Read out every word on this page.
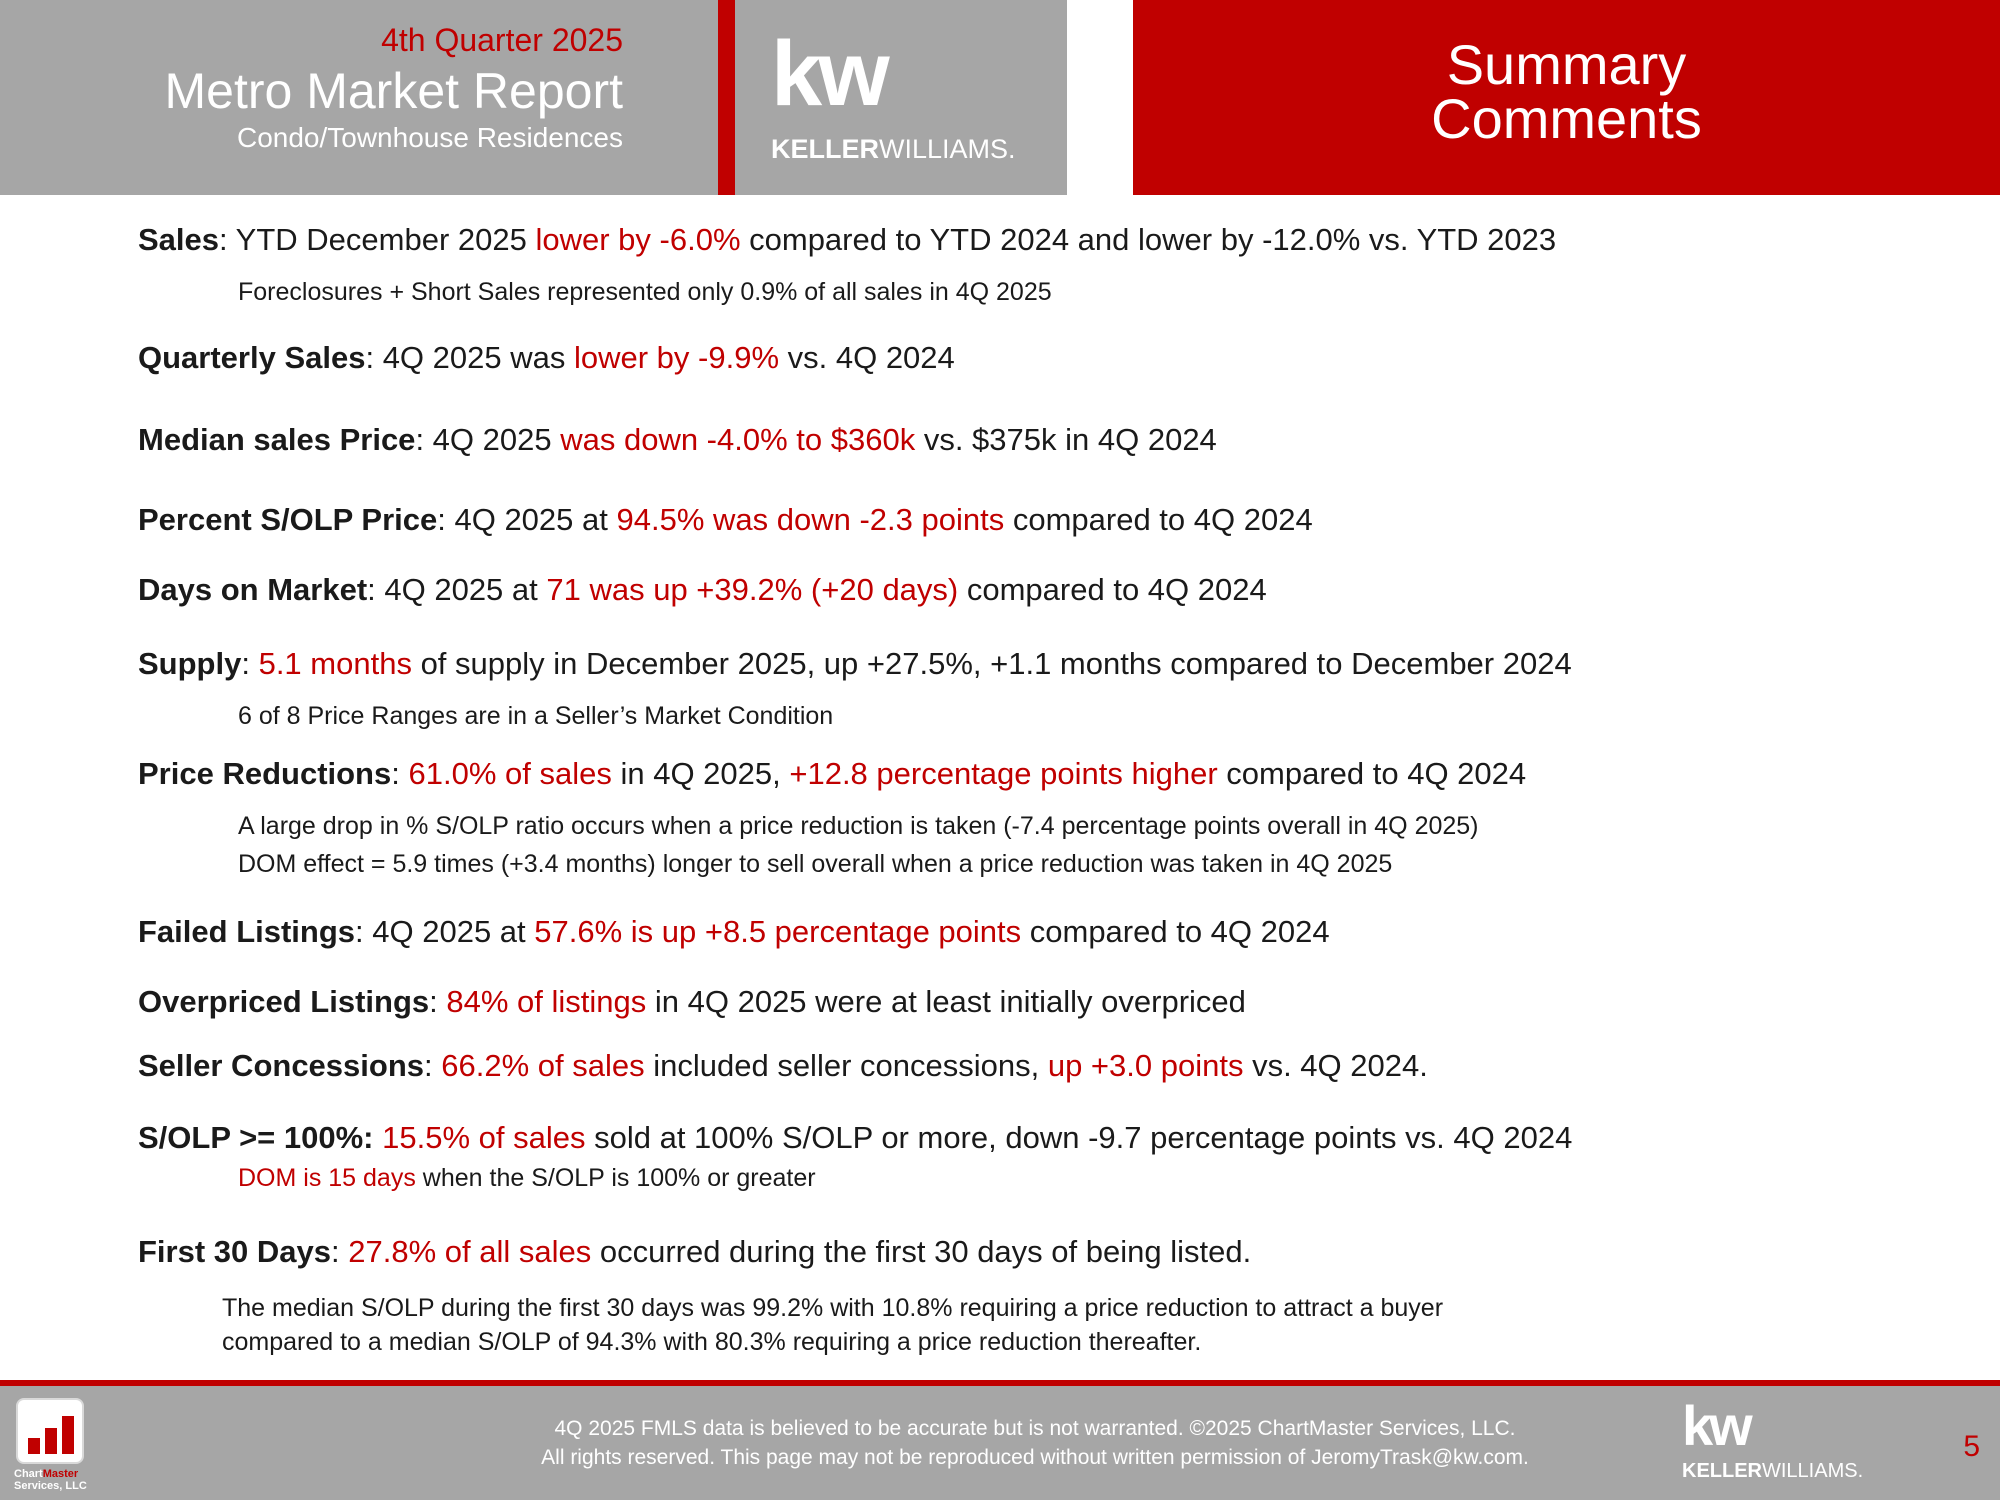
4th Quarter 2025
Metro Market Report
Condo/Townhouse Residences
kw
KELLERWILLIAMS.
Summary
Comments
Sales: YTD December 2025 lower by -6.0% compared to YTD 2024 and lower by -12.0% vs. YTD 2023
Foreclosures + Short Sales represented only 0.9% of all sales in 4Q 2025
Quarterly Sales: 4Q 2025 was lower by -9.9% vs. 4Q 2024
Median sales Price: 4Q 2025 was down -4.0% to $360k vs. $375k in 4Q 2024
Percent S/OLP Price: 4Q 2025 at 94.5% was down -2.3 points compared to 4Q 2024
Days on Market: 4Q 2025 at 71 was up +39.2% (+20 days) compared to 4Q 2024
Supply: 5.1 months of supply in December 2025, up +27.5%, +1.1 months compared to December 2024
6 of 8 Price Ranges are in a Seller’s Market Condition
Price Reductions: 61.0% of sales in 4Q 2025, +12.8 percentage points higher compared to 4Q 2024
A large drop in % S/OLP ratio occurs when a price reduction is taken (-7.4 percentage points overall in 4Q 2025)
DOM effect = 5.9 times (+3.4 months) longer to sell overall when a price reduction was taken in 4Q 2025
Failed Listings: 4Q 2025 at 57.6% is up +8.5 percentage points compared to 4Q 2024
Overpriced Listings: 84% of listings in 4Q 2025 were at least initially overpriced
Seller Concessions: 66.2% of sales included seller concessions, up +3.0 points vs. 4Q 2024.
S/OLP >= 100%: 15.5% of sales sold at 100% S/OLP or more, down -9.7 percentage points vs. 4Q 2024
DOM is 15 days when the S/OLP is 100% or greater
First 30 Days: 27.8% of all sales occurred during the first 30 days of being listed.
The median S/OLP during the first 30 days was 99.2% with 10.8% requiring a price reduction to attract a buyer
compared to a median S/OLP of 94.3% with 80.3% requiring a price reduction thereafter.
ChartMaster
Services, LLC
4Q 2025 FMLS data is believed to be accurate but is not warranted. ©2025 ChartMaster Services, LLC.
All rights reserved. This page may not be reproduced without written permission of JeromyTrask@kw.com.
kw
KELLERWILLIAMS.
5
